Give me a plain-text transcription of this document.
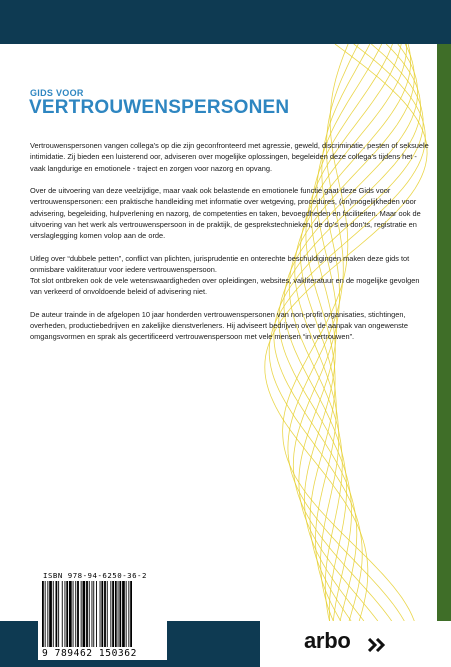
GIDS VOOR
VERTROUWENSPERSONEN

Vertrouwenspersonen vangen collega’s op die zijn geconfronteerd met agressie, geweld, discriminatie, pesten of seksuele intimidatie. Zij bieden een luisterend oor, adviseren over mogelijke oplossingen, begeleiden deze collega’s tijdens het - vaak langdurige en emotionele - traject en zorgen voor nazorg en opvang.

Over de uitvoering van deze veelzijdige, maar vaak ook belastende en emotionele functie gaat deze Gids voor vertrouwenspersonen: een praktische handleiding met informatie over wetgeving, procedures, (on)mogelijkheden voor advisering, begeleiding, hulpverlening en nazorg, de competenties en taken, bevoegdheden en faciliteiten. Maar ook de uitvoering van het werk als vertrouwenspersoon in de praktijk, de gesprekstechnieken, de do’s en don’ts, registratie en verslaglegging komen volop aan de orde.

Uitleg over “dubbele petten”, conflict van plichten, jurisprudentie en onterechte beschuldigingen maken deze gids tot onmisbare vakliteratuur voor iedere vertrouwenspersoon.
Tot slot ontbreken ook de vele wetenswaardigheden over opleidingen, websites, vakliteratuur en de mogelijke gevolgen van verkeerd of onvoldoende beleid of advisering niet.

De auteur trainde in de afgelopen 10 jaar honderden vertrouwenspersonen van non-profit organisaties, stichtingen, overheden, productiebedrijven en zakelijke dienstverleners. Hij adviseert bedrijven over de aanpak van ongewenste omgangsvormen en sprak als gecertificeerd vertrouwenspersoon met vele mensen “in vertrouwen”.

ISBN 978-94-6250-36-2
9 789462 150362
arbo
